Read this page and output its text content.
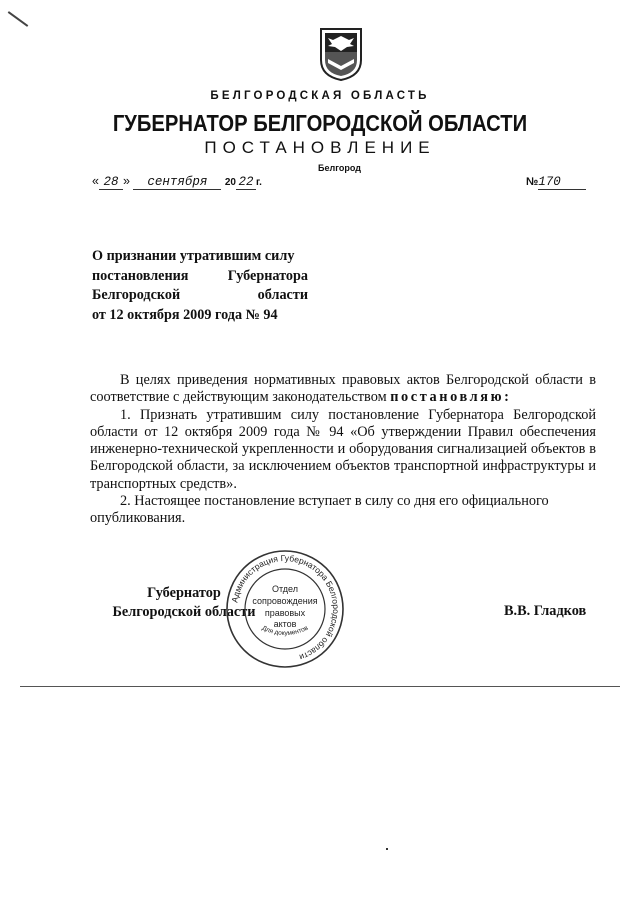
БЕЛГОРОДСКАЯ ОБЛАСТЬ
ГУБЕРНАТОР БЕЛГОРОДСКОЙ ОБЛАСТИ
ПОСТАНОВЛЕНИЕ
Белгород
« 28 » сентября 20 22 г.	№170
О признании утратившим силу
постановления Губернатора
Белгородской области
от 12 октября 2009 года № 94

В целях приведения нормативных правовых актов Белгородской области в соответствие с действующим законодательством постановляю:

1. Признать утратившим силу постановление Губернатора Белгородской области от 12 октября 2009 года № 94 «Об утверждении Правил обеспечения инженерно-технической укрепленности и оборудования сигнализацией объектов в Белгородской области, за исключением объектов транспортной инфраструктуры и транспортных средств».

2. Настоящее постановление вступает в силу со дня его официального опубликования.

Губернатор
Белгородской области	В.В. Гладков
Администрация Губернатора Белгородской области
Отдел
сопровождения
правовых
актов
Для документов
